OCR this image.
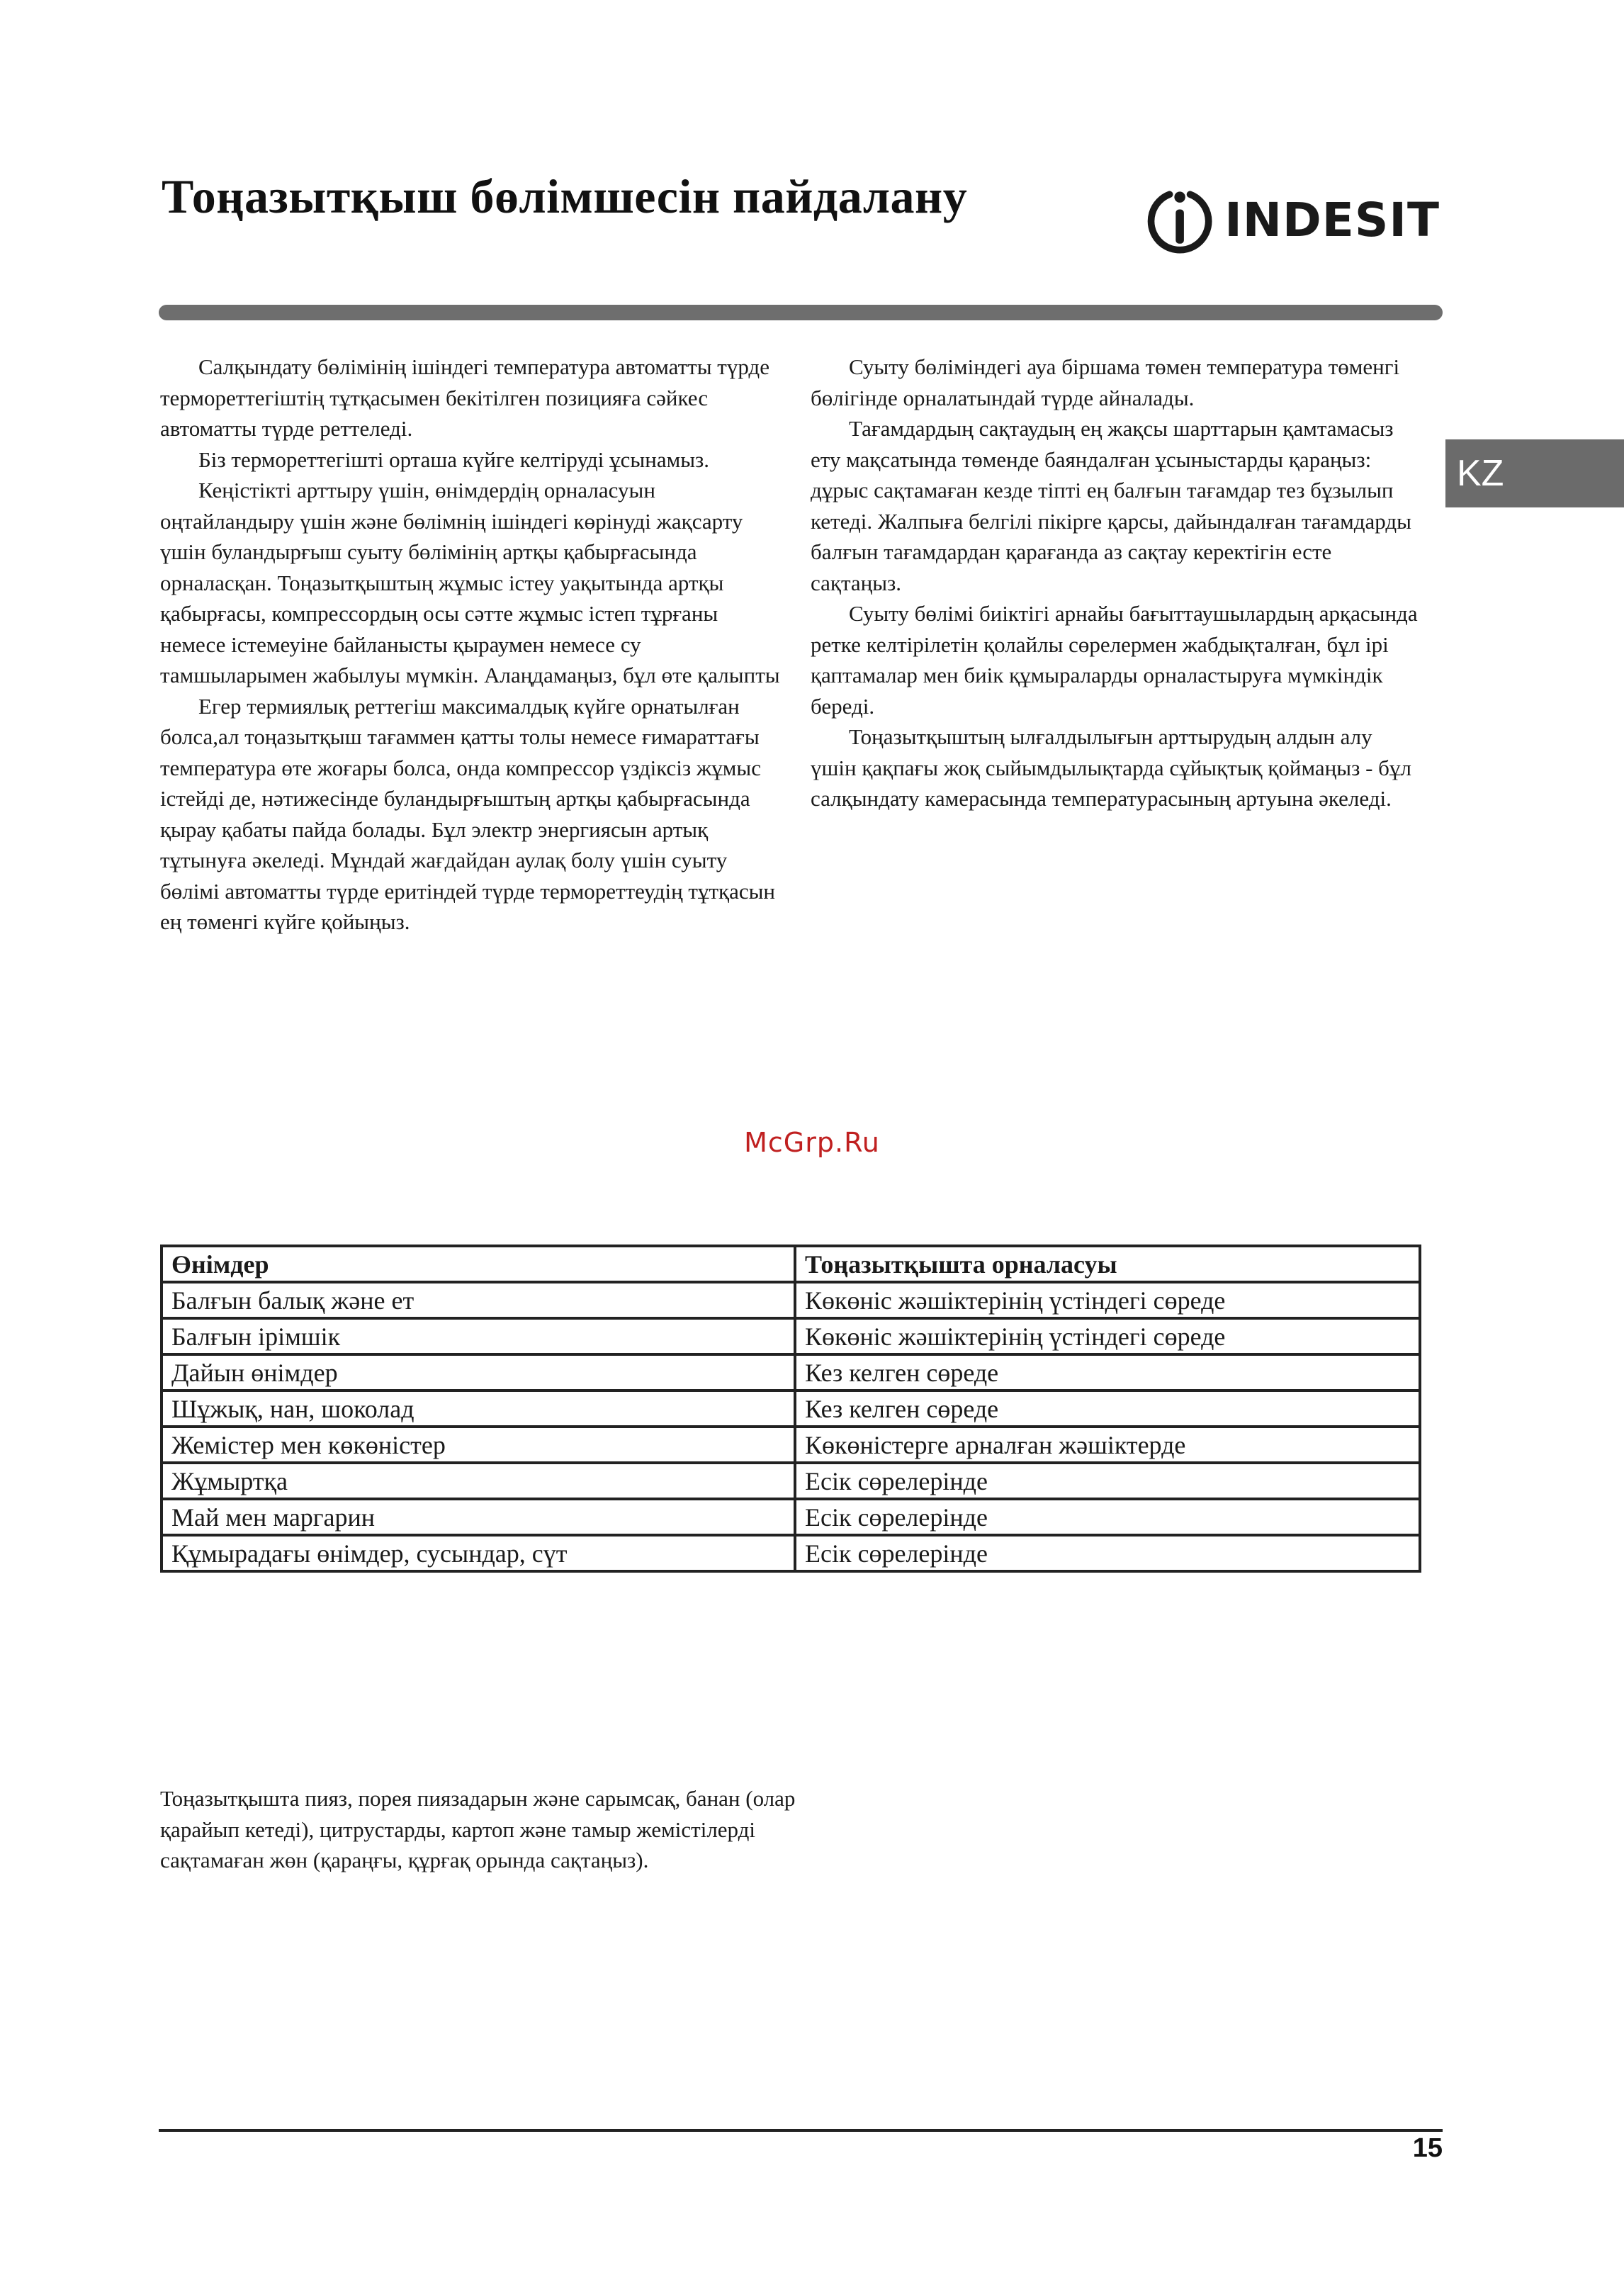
Тоңазытқыш бөлімшесін пайдалану	INDESIT
KZ

Салқындату бөлімінің ішіндегі температура автоматты түрде термореттегіштің тұтқасымен бекітілген позицияға сәйкес автоматты түрде реттеледі.

Біз термореттегішті орташа күйге келтіруді ұсынамыз.

Кеңістікті арттыру үшін, өнімдердің орналасуын оңтайландыру үшін және бөлімнің ішіндегі көрінуді жақсарту үшін буландырғыш суыту бөлімінің артқы қабырғасында орналасқан. Тоңазытқыштың жұмыс істеу уақытында артқы қабырғасы, компрессордың осы сәтте жұмыс істеп тұрғаны немесе істемеуіне байланысты қыраумен немесе су тамшыларымен жабылуы мүмкін. Алаңдамаңыз, бұл өте қалыпты

Егер термиялық реттегіш максималдық күйге орнатылған болса,ал тоңазытқыш тағаммен қатты толы немесе ғимараттағы температура өте жоғары болса, онда компрессор үздіксіз жұмыс істейді де, нәтижесінде буландырғыштың артқы қабырғасында қырау қабаты пайда болады. Бұл электр энергиясын артық тұтынуға әкеледі. Мұндай жағдайдан аулақ болу үшін суыту бөлімі автоматты түрде еритіндей түрде термореттеудің тұтқасын ең төменгі күйге қойыңыз.

Суыту бөліміндегі ауа біршама төмен температура төменгі бөлігінде орналатындай түрде айналады.

Тағамдардың сақтаудың ең жақсы шарттарын қамтамасыз ету мақсатында төменде баяндалған ұсыныстарды қараңыз: дұрыс сақтамаған кезде тіпті ең балғын тағамдар тез бұзылып кетеді. Жалпыға белгілі пікірге қарсы, дайындалған тағамдарды балғын тағамдардан қарағанда аз сақтау керектігін есте сақтаңыз.

Суыту бөлімі биіктігі арнайы бағыттаушылардың арқасында ретке келтірілетін қолайлы сөрелермен жабдықталған, бұл ірі қаптамалар мен биік құмыраларды орналастыруға мүмкіндік береді.

Тоңазытқыштың ылғалдылығын арттырудың алдын алу үшін қақпағы жоқ сыйымдылықтарда сұйықтық қоймаңыз - бұл салқындату камерасында температурасының артуына әкеледі.

McGrp.Ru
Өнімдер	Тоңазытқышта орналасуы
Балғын балық және ет	Көкөніс жәшіктерінің үстіндегі сөреде
Балғын ірімшік	Көкөніс жәшіктерінің үстіндегі сөреде
Дайын өнімдер	Кез келген сөреде
Шұжық, нан, шоколад	Кез келген сөреде
Жемістер мен көкөністер	Көкөністерге арналған жәшіктерде
Жұмыртқа	Есік сөрелерінде
Май мен маргарин	Есік сөрелерінде
Құмырадағы өнімдер, сусындар, сүт	Есік сөрелерінде

Тоңазытқышта пияз, порея пиязадарын және сарымсақ, банан (олар қарайып кетеді), цитрустарды, картоп және тамыр жемістілерді сақтамаған жөн (қараңғы, құрғақ орында сақтаңыз).

15
